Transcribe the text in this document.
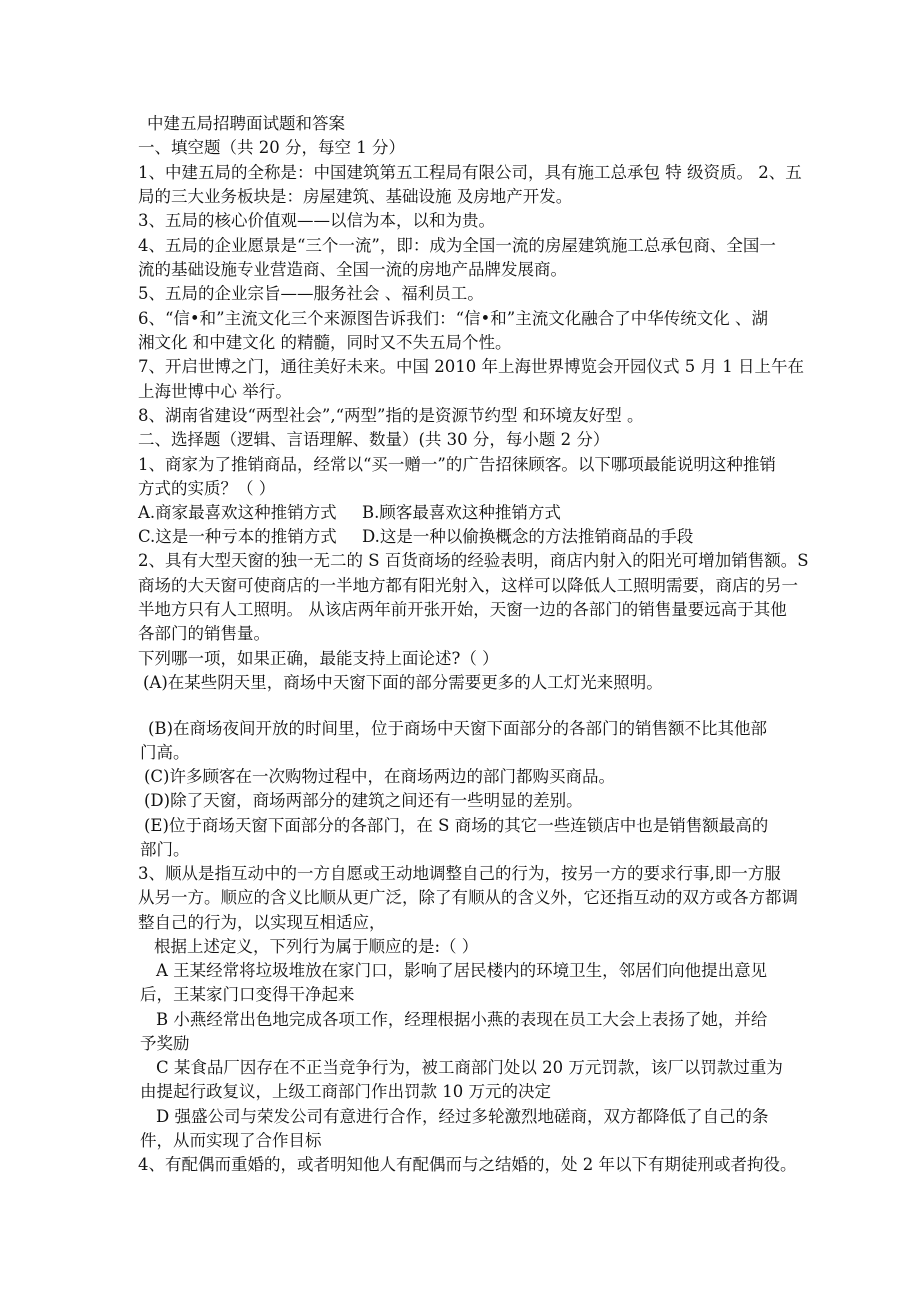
中建五局招聘面试题和答案
一、填空题（共 20 分，每空 1 分）
1、中建五局的全称是：中国建筑第五工程局有限公司，具有施工总承包 特 级资质。 2、五
局的三大业务板块是：房屋建筑、基础设施 及房地产开发。
3、五局的核心价值观——以信为本，以和为贵。
4、五局的企业愿景是“三个一流”，即：成为全国一流的房屋建筑施工总承包商、全国一
流的基础设施专业营造商、全国一流的房地产品牌发展商。
5、五局的企业宗旨——服务社会 、福利员工。
6、“信•和”主流文化三个来源图告诉我们：“信•和”主流文化融合了中华传统文化 、湖
湘文化 和中建文化 的精髓，同时又不失五局个性。
7、开启世博之门，通往美好未来。中国 2010 年上海世界博览会开园仪式 5 月 1 日上午在
上海世博中心 举行。
8、湖南省建设“两型社会”,“两型”指的是资源节约型 和环境友好型 。
二、选择题（逻辑、言语理解、数量）(共 30 分，每小题 2 分）
1、商家为了推销商品，经常以“买一赠一”的广告招徕顾客。以下哪项最能说明这种推销
方式的实质？（ ）
A.商家最喜欢这种推销方式 B.顾客最喜欢这种推销方式
C.这是一种亏本的推销方式 D.这是一种以偷换概念的方法推销商品的手段
2、具有大型天窗的独一无二的 S 百货商场的经验表明，商店内射入的阳光可增加销售额。S
商场的大天窗可使商店的一半地方都有阳光射入，这样可以降低人工照明需要，商店的另一
半地方只有人工照明。 从该店两年前开张开始，天窗一边的各部门的销售量要远高于其他
各部门的销售量。
下列哪一项，如果正确，最能支持上面论述?（ ）
(A)在某些阴天里，商场中天窗下面的部分需要更多的人工灯光来照明。
(B)在商场夜间开放的时间里，位于商场中天窗下面部分的各部门的销售额不比其他部
门高。
(C)许多顾客在一次购物过程中，在商场两边的部门都购买商品。
(D)除了天窗，商场两部分的建筑之间还有一些明显的差别。
(E)位于商场天窗下面部分的各部门，在 S 商场的其它一些连锁店中也是销售额最高的
部门。
3、顺从是指互动中的一方自愿或王动地调整自己的行为，按另一方的要求行事,即一方服
从另一方。顺应的含义比顺从更广泛，除了有顺从的含义外，它还指互动的双方或各方都调
整自己的行为，以实现互相适应，
根据上述定义，下列行为属于顺应的是:（ ）
A 王某经常将垃圾堆放在家门口，影响了居民楼内的环境卫生，邻居们向他提出意见
后，王某家门口变得干净起来
B 小燕经常出色地完成各项工作，经理根据小燕的表现在员工大会上表扬了她，并给
予奖励
C 某食品厂因存在不正当竞争行为，被工商部门处以 20 万元罚款，该厂以罚款过重为
由提起行政复议，上级工商部门作出罚款 10 万元的决定
D 强盛公司与荣发公司有意进行合作，经过多轮激烈地磋商，双方都降低了自己的条
件，从而实现了合作目标
4、有配偶而重婚的，或者明知他人有配偶而与之结婚的，处 2 年以下有期徒刑或者拘役。
